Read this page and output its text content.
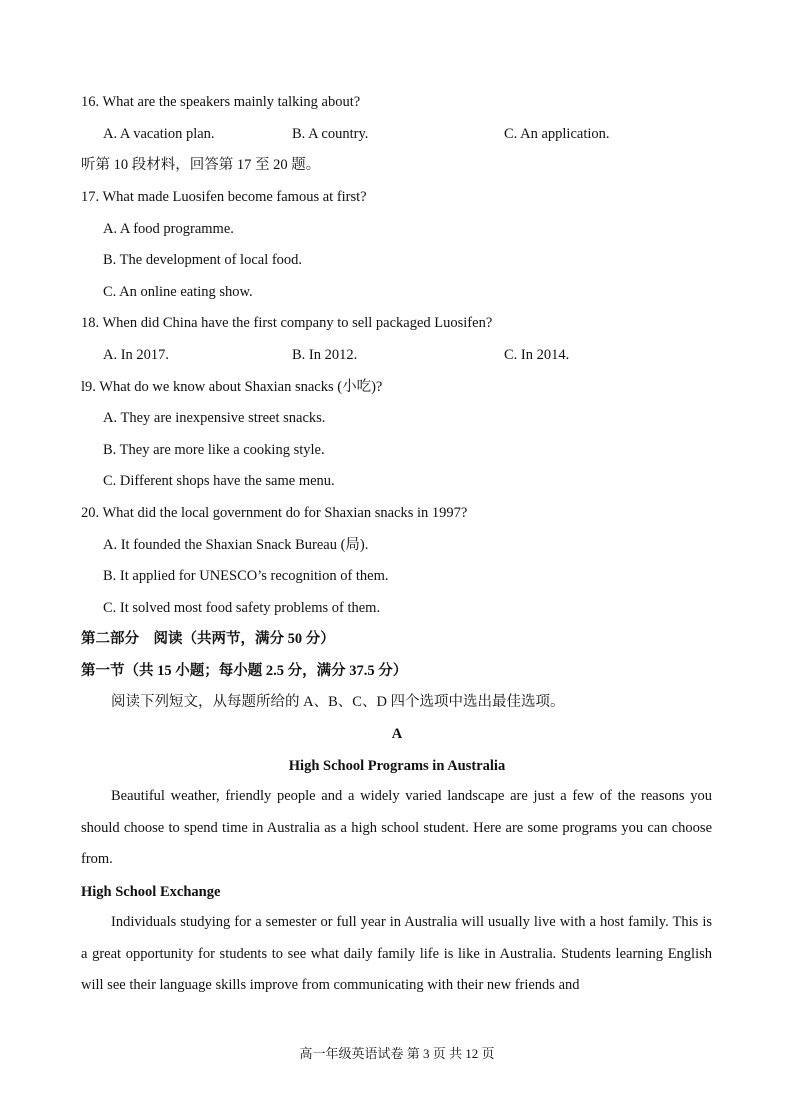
16. What are the speakers mainly talking about?
A. A vacation plan.	B. A country.	C. An application.
听第 10 段材料，回答第 17 至 20 题。
17. What made Luosifen become famous at first?
A. A food programme.
B. The development of local food.
C. An online eating show.
18. When did China have the first company to sell packaged Luosifen?
A. In 2017.	B. In 2012.	C. In 2014.
l9. What do we know about Shaxian snacks (小吃)?
A. They are inexpensive street snacks.
B. They are more like a cooking style.
C. Different shops have the same menu.
20. What did the local government do for Shaxian snacks in 1997?
A. It founded the Shaxian Snack Bureau (局).
B. It applied for UNESCO’s recognition of them.
C. It solved most food safety problems of them.
第二部分　阅读（共两节，满分 50 分）
第一节（共 15 小题；每小题 2.5 分，满分 37.5 分）
阅读下列短文，从每题所给的 A、B、C、D 四个选项中选出最佳选项。
A
High School Programs in Australia

Beautiful weather, friendly people and a widely varied landscape are just a few of the reasons you should choose to spend time in Australia as a high school student. Here are some programs you can choose from.

High School Exchange

Individuals studying for a semester or full year in Australia will usually live with a host family. This is a great opportunity for students to see what daily family life is like in Australia. Students learning English will see their language skills improve from communicating with their new friends and

高一年级英语试卷 第 3 页 共 12 页
